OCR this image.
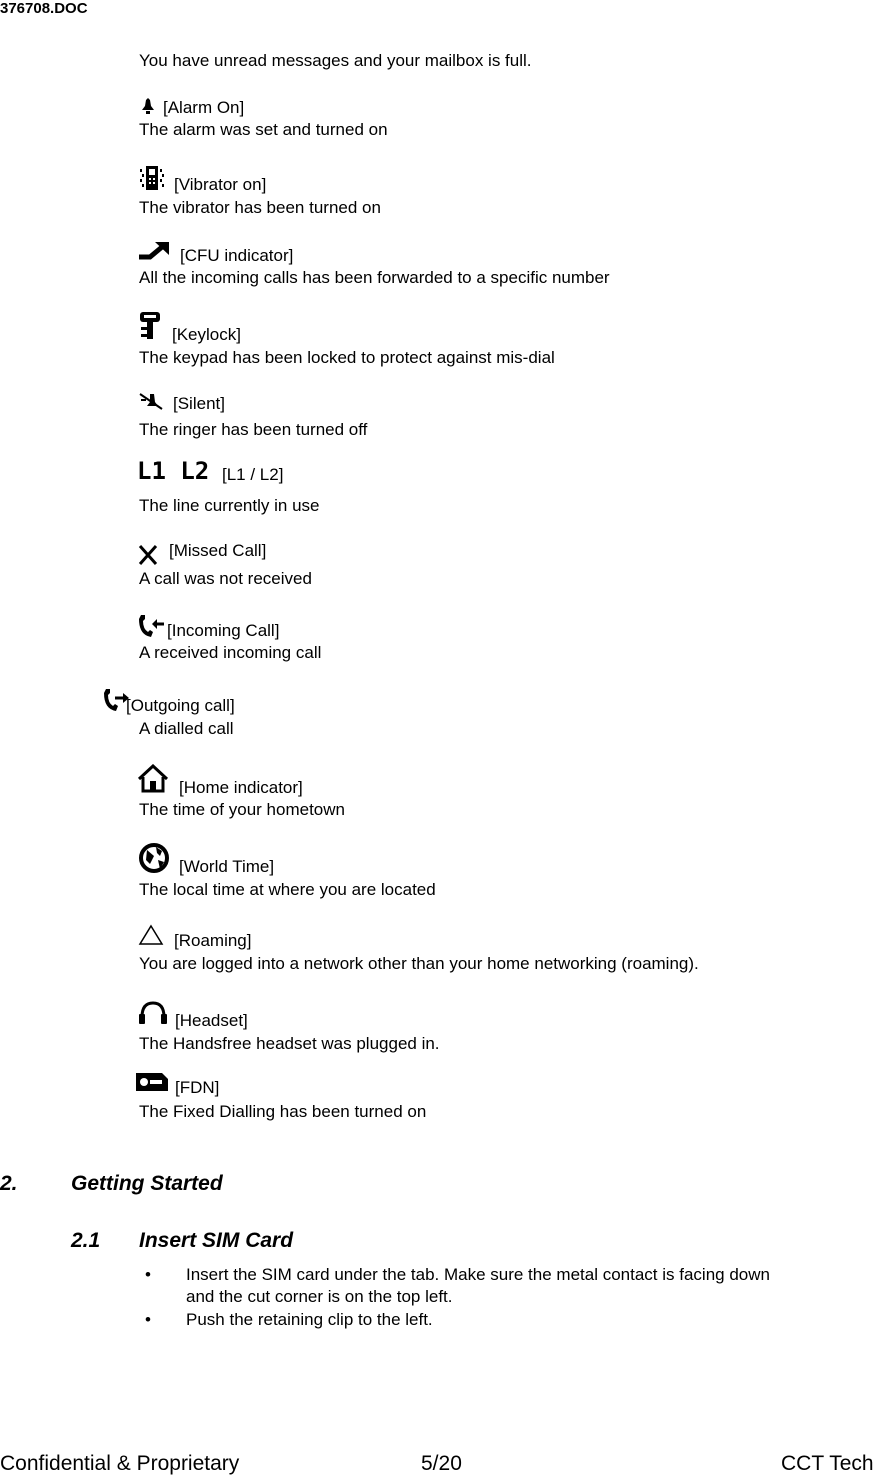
376708.DOC
You have unread messages and your mailbox is full.
[Alarm On]
The alarm was set and turned on
[Vibrator on]
The vibrator has been turned on
[CFU indicator]
All the incoming calls has been forwarded to a specific number
[Keylock]
The keypad has been locked to protect against mis-dial
[Silent]
The ringer has been turned off
L1 L2 [L1 / L2]
The line currently in use
[Missed Call]
A call was not received
[Incoming Call]
A received incoming call
[Outgoing call]
A dialled call
[Home indicator]
The time of your hometown
[World Time]
The local time at where you are located
[Roaming]
You are logged into a network other than your home networking (roaming).
[Headset]
The Handsfree headset was plugged in.
[FDN]
The Fixed Dialling has been turned on
2.	Getting Started
2.1 Insert SIM Card
• Insert the SIM card under the tab. Make sure the metal contact is facing down
and the cut corner is on the top left.
• Push the retaining clip to the left.
Confidential & Proprietary	5/20	CCT Tech
